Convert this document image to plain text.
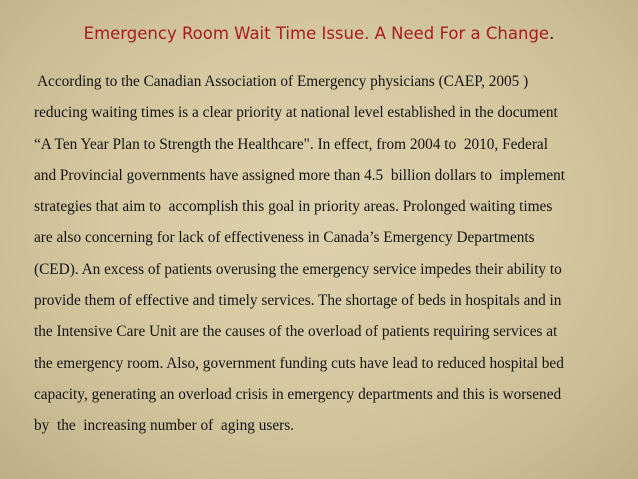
Emergency Room Wait Time Issue. A Need For a Change.
According to the Canadian Association of Emergency physicians (CAEP, 2005 )
reducing waiting times is a clear priority at national level established in the document
“A Ten Year Plan to Strength the Healthcare". In effect, from 2004 to  2010, Federal
and Provincial governments have assigned more than 4.5  billion dollars to  implement
strategies that aim to  accomplish this goal in priority areas. Prolonged waiting times
are also concerning for lack of effectiveness in Canada’s Emergency Departments
(CED). An excess of patients overusing the emergency service impedes their ability to
provide them of effective and timely services. The shortage of beds in hospitals and in
the Intensive Care Unit are the causes of the overload of patients requiring services at
the emergency room. Also, government funding cuts have lead to reduced hospital bed
capacity, generating an overload crisis in emergency departments and this is worsened
by  the  increasing number of  aging users.
